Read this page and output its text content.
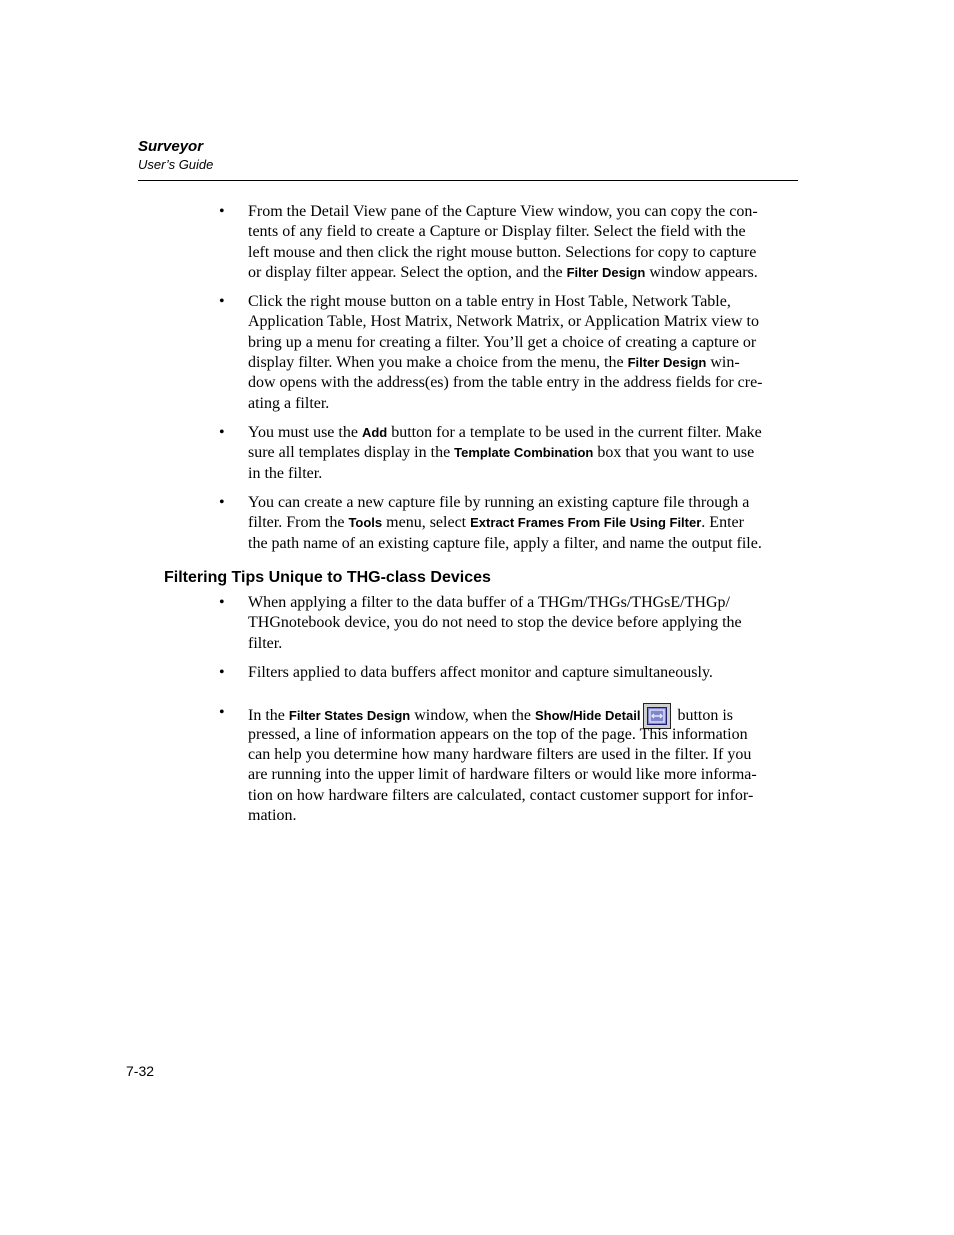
Surveyor
User’s Guide
• From the Detail View pane of the Capture View window, you can copy the con-
tents of any field to create a Capture or Display filter. Select the field with the
left mouse and then click the right mouse button. Selections for copy to capture
or display filter appear. Select the option, and the Filter Design window appears.
• Click the right mouse button on a table entry in Host Table, Network Table,
Application Table, Host Matrix, Network Matrix, or Application Matrix view to
bring up a menu for creating a filter. You’ll get a choice of creating a capture or
display filter. When you make a choice from the menu, the Filter Design win-
dow opens with the address(es) from the table entry in the address fields for cre-
ating a filter.
• You must use the Add button for a template to be used in the current filter. Make
sure all templates display in the Template Combination box that you want to use
in the filter.
• You can create a new capture file by running an existing capture file through a
filter. From the Tools menu, select Extract Frames From File Using Filter. Enter
the path name of an existing capture file, apply a filter, and name the output file.
Filtering Tips Unique to THG-class Devices
• When applying a filter to the data buffer of a THGm/THGs/THGsE/THGp/
THGnotebook device, you do not need to stop the device before applying the
filter.
• Filters applied to data buffers affect monitor and capture simultaneously.
• In the Filter States Design window, when the Show/Hide Detail
button is
pressed, a line of information appears on the top of the page. This information
can help you determine how many hardware filters are used in the filter. If you
are running into the upper limit of hardware filters or would like more informa-
tion on how hardware filters are calculated, contact customer support for infor-
mation.
7-32
